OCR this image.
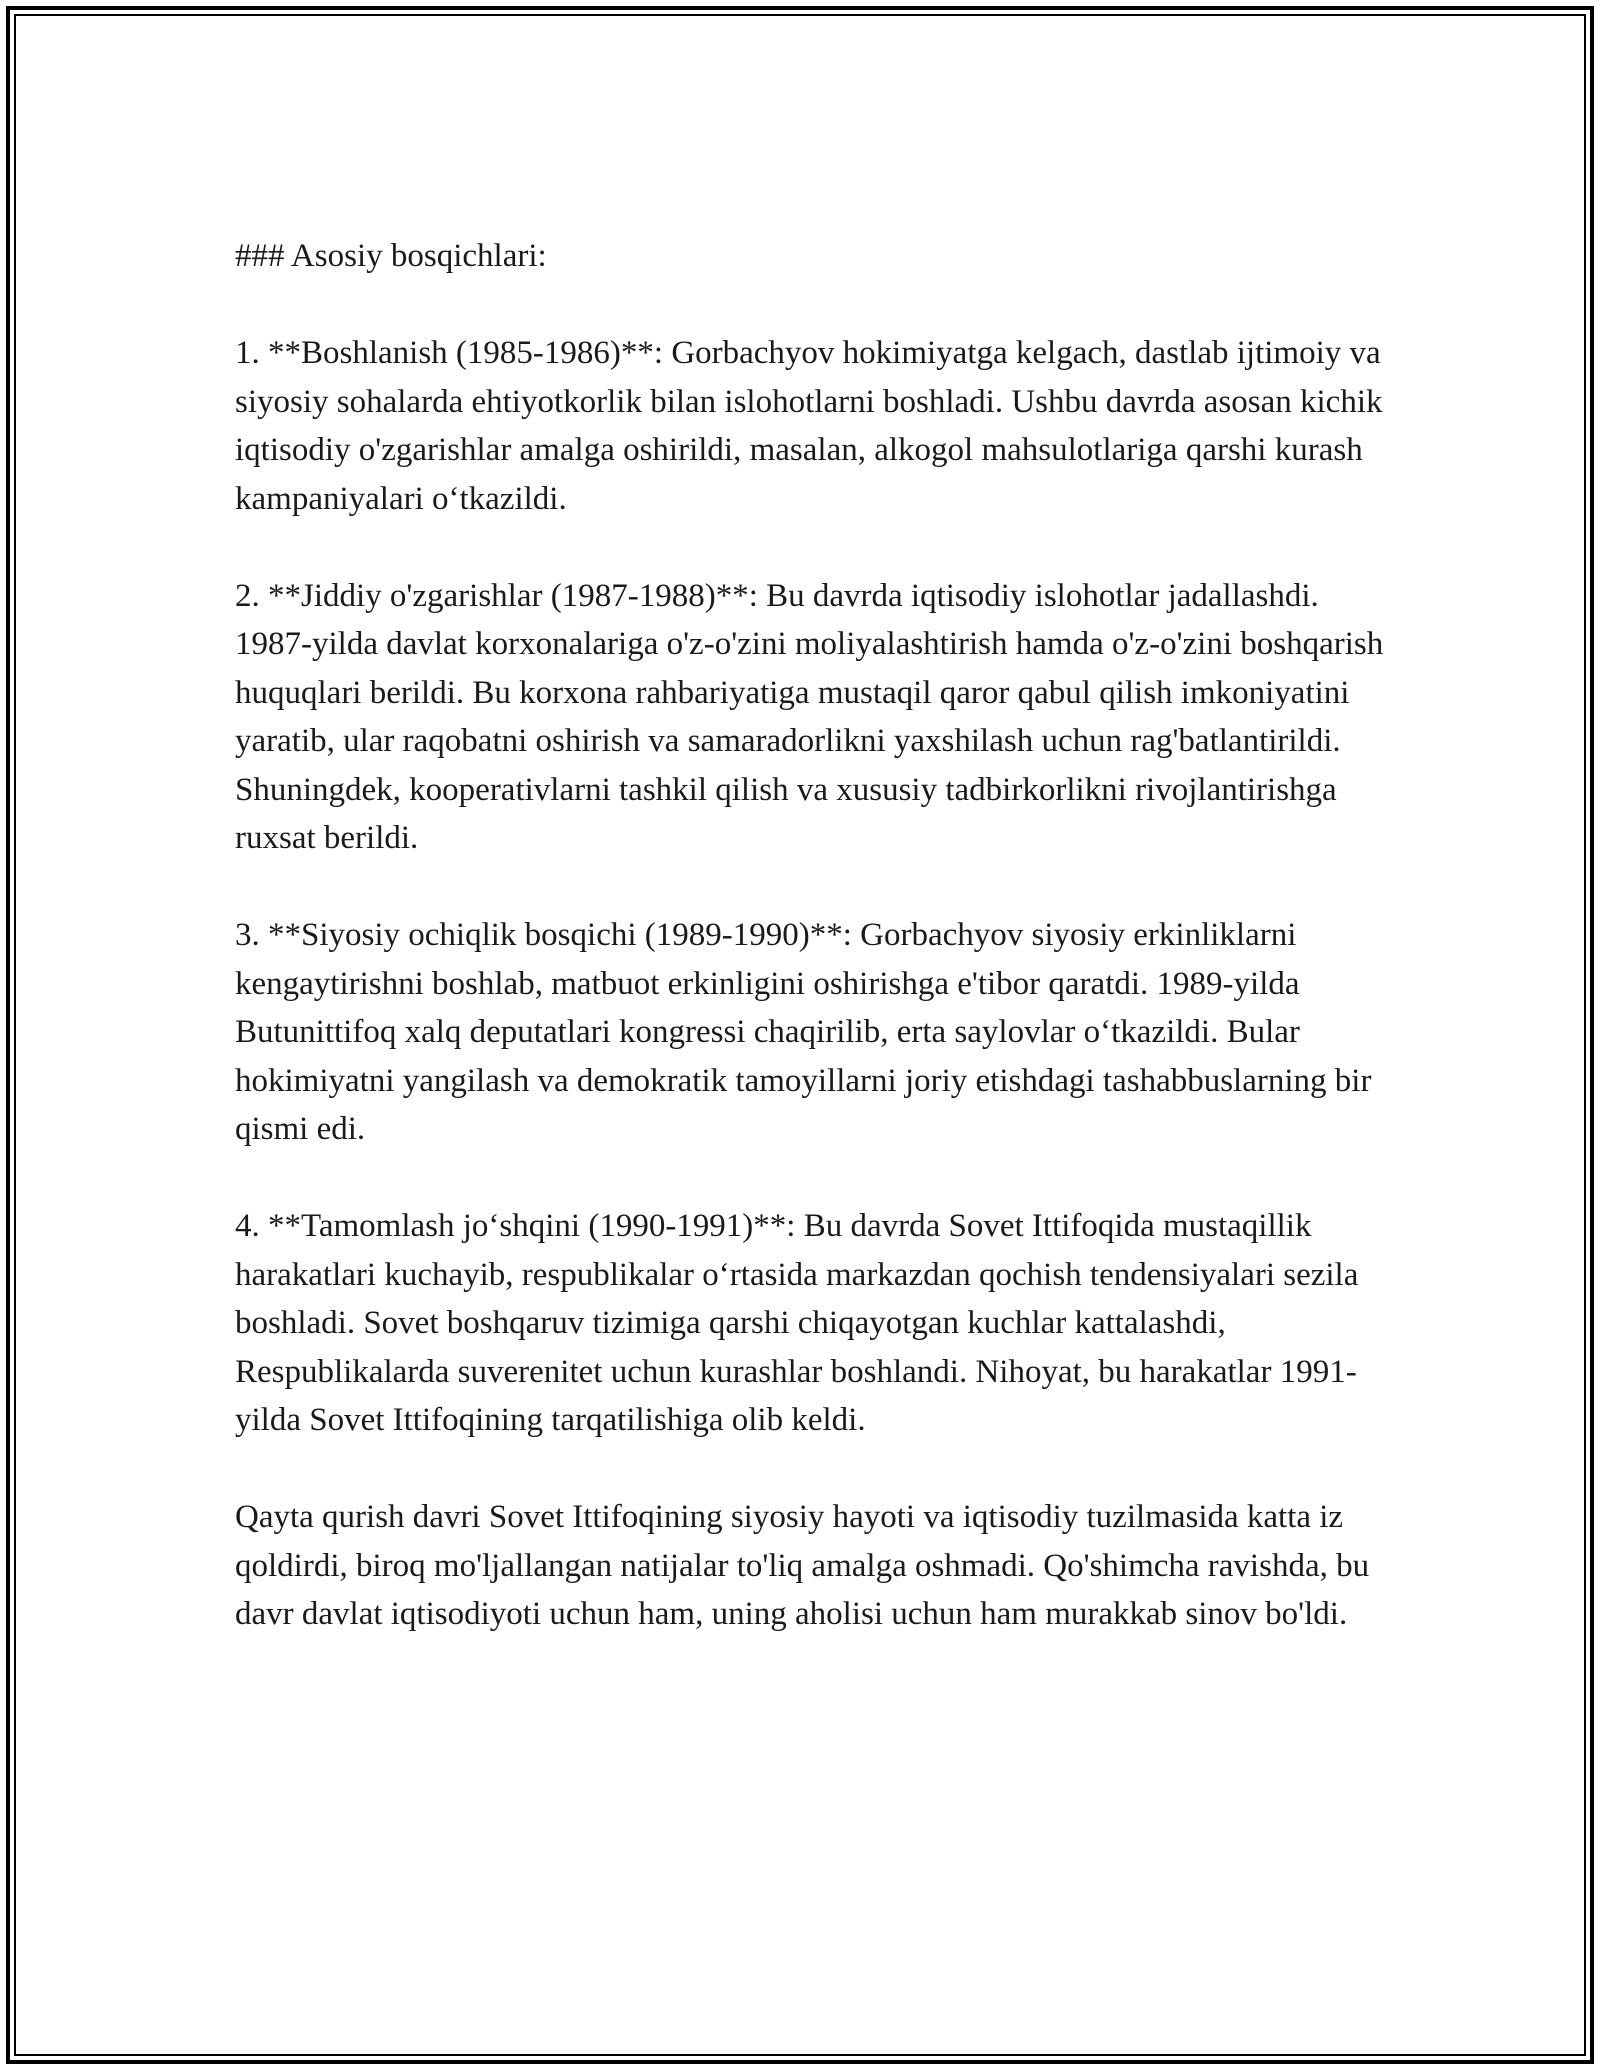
### Asosiy bosqichlari:

1. **Boshlanish (1985-1986)**: Gorbachyov hokimiyatga kelgach, dastlab ijtimoiy va siyosiy sohalarda ehtiyotkorlik bilan islohotlarni boshladi. Ushbu davrda asosan kichik iqtisodiy o'zgarishlar amalga oshirildi, masalan, alkogol mahsulotlariga qarshi kurash kampaniyalari o‘tkazildi.

2. **Jiddiy o'zgarishlar (1987-1988)**: Bu davrda iqtisodiy islohotlar jadallashdi. 1987-yilda davlat korxonalariga o'z-o'zini moliyalashtirish hamda o'z-o'zini boshqarish huquqlari berildi. Bu korxona rahbariyatiga mustaqil qaror qabul qilish imkoniyatini yaratib, ular raqobatni oshirish va samaradorlikni yaxshilash uchun rag'batlantirildi. Shuningdek, kooperativlarni tashkil qilish va xususiy tadbirkorlikni rivojlantirishga ruxsat berildi.

3. **Siyosiy ochiqlik bosqichi (1989-1990)**: Gorbachyov siyosiy erkinliklarni kengaytirishni boshlab, matbuot erkinligini oshirishga e'tibor qaratdi. 1989-yilda Butunittifoq xalq deputatlari kongressi chaqirilib, erta saylovlar o‘tkazildi. Bular hokimiyatni yangilash va demokratik tamoyillarni joriy etishdagi tashabbuslarning bir qismi edi.

4. **Tamomlash jo‘shqini (1990-1991)**: Bu davrda Sovet Ittifoqida mustaqillik harakatlari kuchayib, respublikalar o‘rtasida markazdan qochish tendensiyalari sezila boshladi. Sovet boshqaruv tizimiga qarshi chiqayotgan kuchlar kattalashdi, Respublikalarda suverenitet uchun kurashlar boshlandi. Nihoyat, bu harakatlar 1991-yilda Sovet Ittifoqining tarqatilishiga olib keldi.

Qayta qurish davri Sovet Ittifoqining siyosiy hayoti va iqtisodiy tuzilmasida katta iz qoldirdi, biroq mo'ljallangan natijalar to'liq amalga oshmadi. Qo'shimcha ravishda, bu davr davlat iqtisodiyoti uchun ham, uning aholisi uchun ham murakkab sinov bo'ldi.
